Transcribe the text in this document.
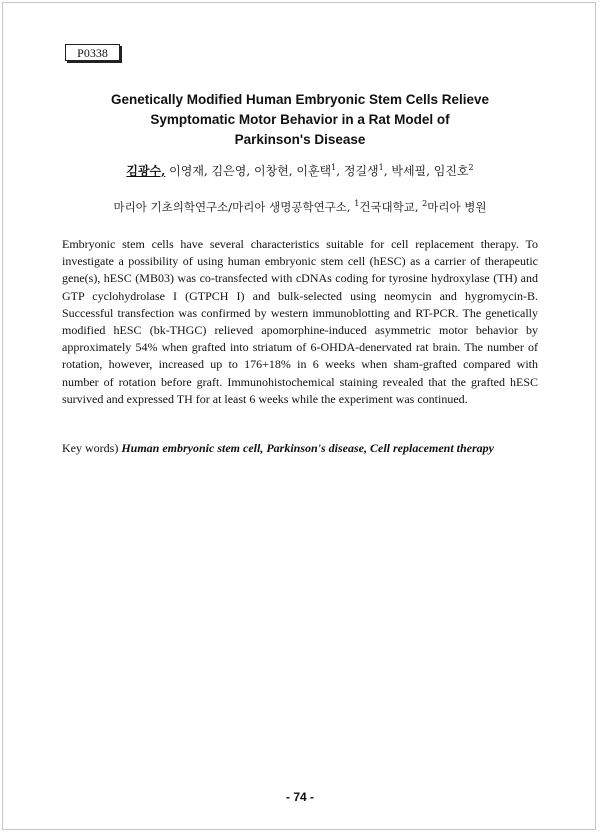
P0338
Genetically Modified Human Embryonic Stem Cells Relieve
Symptomatic Motor Behavior in a Rat Model of
Parkinson's Disease
김광수, 이영재, 김은영, 이창현, 이훈택$^1$, 정길생$^1$, 박세필, 임진호$^2$
마리아 기초의학연구소/마리아 생명공학연구소, $^1$건국대학교, $^2$마리아 병원

Embryonic stem cells have several characteristics suitable for cell replacement therapy. To investigate a possibility of using human embryonic stem cell (hESC) as a carrier of therapeutic gene(s), hESC (MB03) was co-transfected with cDNAs coding for tyrosine hydroxylase (TH) and GTP cyclohydrolase I (GTPCH I) and bulk-selected using neomycin and hygromycin-B. Successful transfection was confirmed by western immunoblotting and RT-PCR. The genetically modified hESC (bk-THGC) relieved apomorphine-induced asymmetric motor behavior by approximately 54% when grafted into striatum of 6-OHDA-denervated rat brain. The number of rotation, however, increased up to 176+18% in 6 weeks when sham-grafted compared with number of rotation before graft. Immunohistochemical staining revealed that the grafted hESC survived and expressed TH for at least 6 weeks while the experiment was continued.

Key words) Human embryonic stem cell, Parkinson's disease, Cell replacement therapy
- 74 -
